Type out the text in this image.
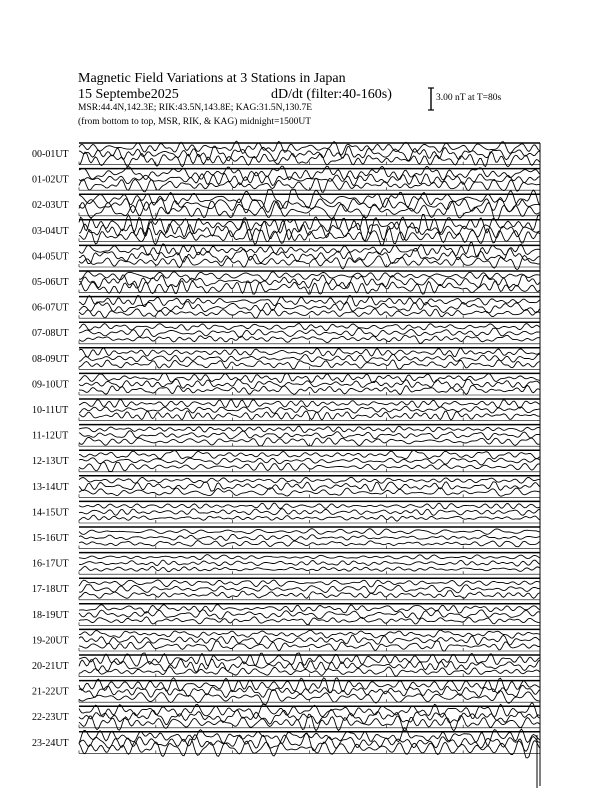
Magnetic Field Variations at 3 Stations in Japan
15 Septembe2025	dD/dt (filter:40-160s)
MSR:44.4N,142.3E; RIK:43.5N,143.8E; KAG:31.5N,130.7E
(from bottom to top, MSR, RIK, & KAG) midnight=1500UT
3.00 nT at T=80s
00-01UT
01-02UT
02-03UT
03-04UT
04-05UT
05-06UT
06-07UT
07-08UT
08-09UT
09-10UT
10-11UT
11-12UT
12-13UT
13-14UT
14-15UT
15-16UT
16-17UT
17-18UT
18-19UT
19-20UT
20-21UT
21-22UT
22-23UT
23-24UT
